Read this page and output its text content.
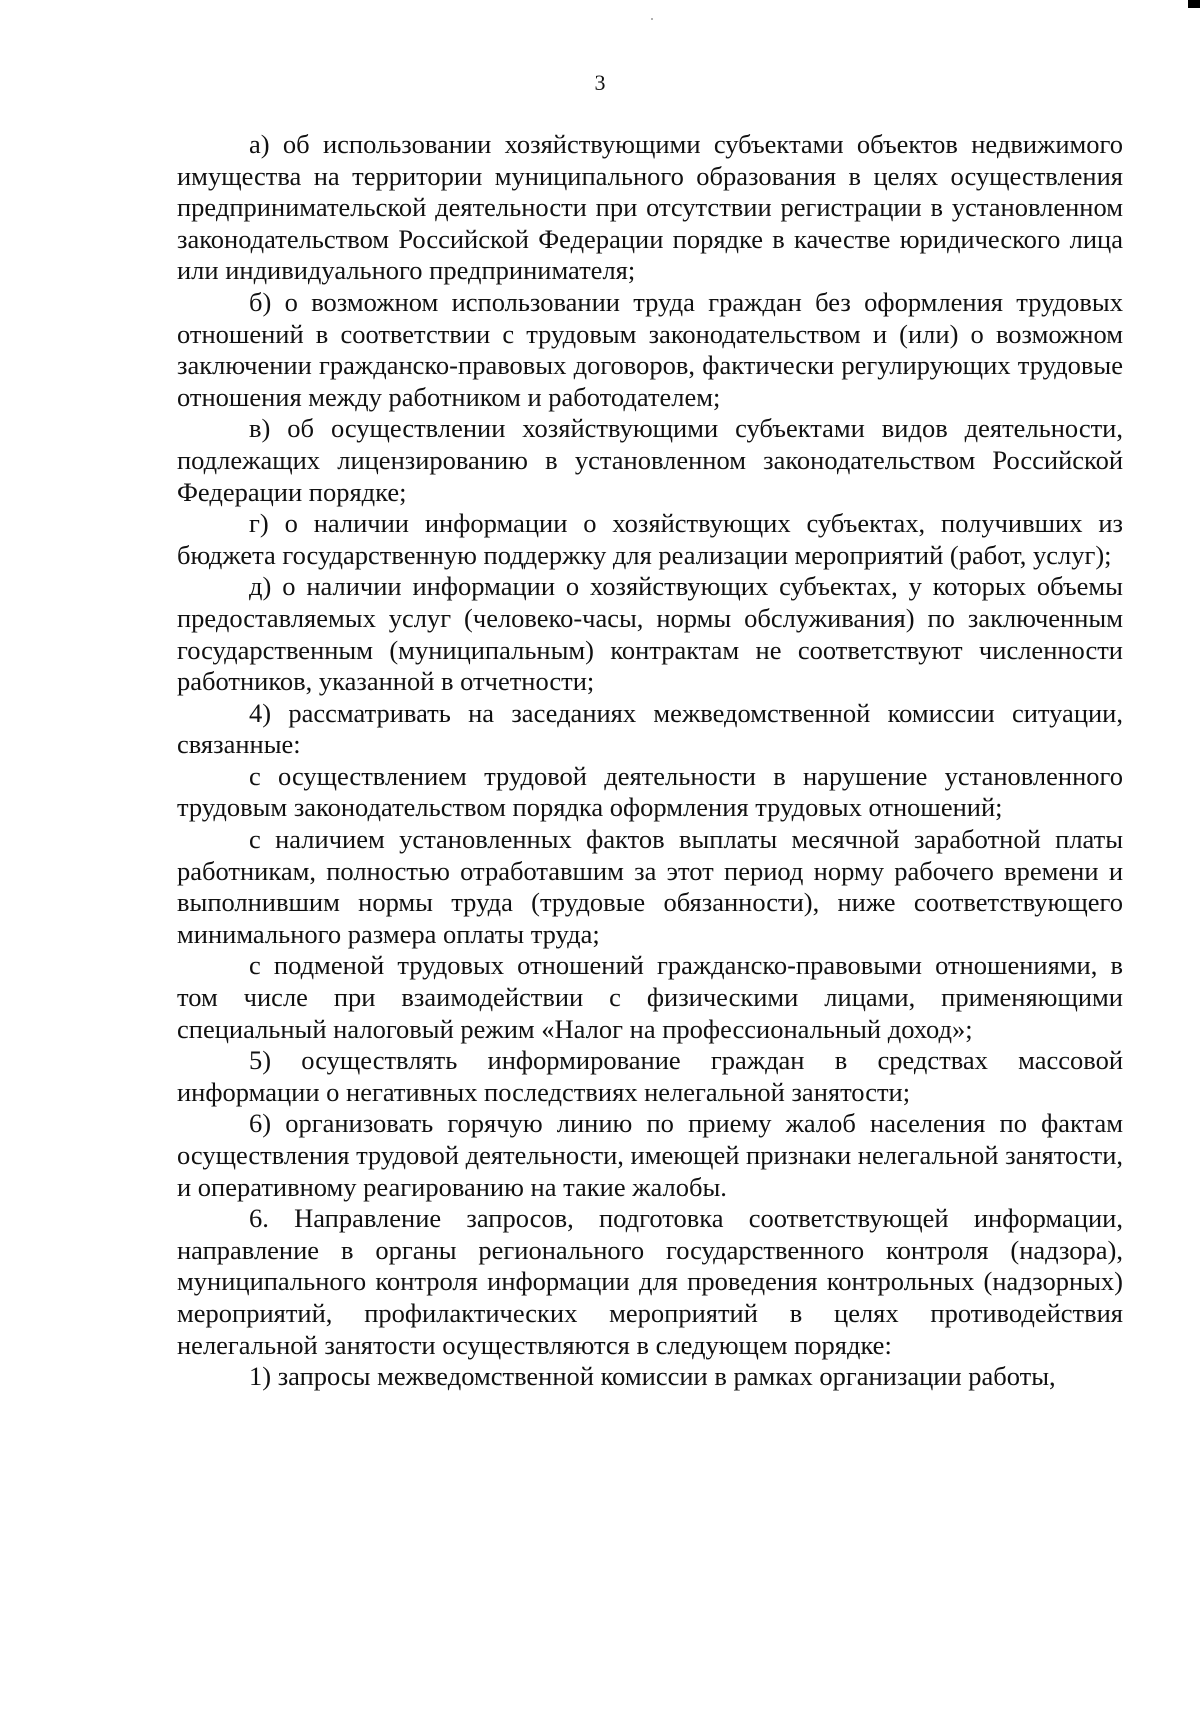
3

а) об использовании хозяйствующими субъектами объектов недвижимого имущества на территории муниципального образования в целях осуществления предпринимательской деятельности при отсутствии регистрации в установленном законодательством Российской Федерации порядке в качестве юридического лица или индивидуального предпринимателя;

б) о возможном использовании труда граждан без оформления трудовых отношений в соответствии с трудовым законодательством и (или) о возможном заключении гражданско-правовых договоров, фактически регулирующих трудовые отношения между работником и работодателем;

в) об осуществлении хозяйствующими субъектами видов деятельности, подлежащих лицензированию в установленном законодательством Российской Федерации порядке;

г) о наличии информации о хозяйствующих субъектах, получивших из бюджета государственную поддержку для реализации мероприятий (работ, услуг);

д) о наличии информации о хозяйствующих субъектах, у которых объемы предоставляемых услуг (человеко-часы, нормы обслуживания) по заключенным государственным (муниципальным) контрактам не соответствуют численности работников, указанной в отчетности;

4) рассматривать на заседаниях межведомственной комиссии ситуации, связанные:

с осуществлением трудовой деятельности в нарушение установленного трудовым законодательством порядка оформления трудовых отношений;

с наличием установленных фактов выплаты месячной заработной платы работникам, полностью отработавшим за этот период норму рабочего времени и выполнившим нормы труда (трудовые обязанности), ниже соответствующего минимального размера оплаты труда;

с подменой трудовых отношений гражданско-правовыми отношениями, в том числе при взаимодействии с физическими лицами, применяющими специальный налоговый режим «Налог на профессиональный доход»;

5) осуществлять информирование граждан в средствах массовой информации о негативных последствиях нелегальной занятости;

6) организовать горячую линию по приему жалоб населения по фактам осуществления трудовой деятельности, имеющей признаки нелегальной занятости, и оперативному реагированию на такие жалобы.

6. Направление запросов, подготовка соответствующей информации, направление в органы регионального государственного контроля (надзора), муниципального контроля информации для проведения контрольных (надзорных) мероприятий, профилактических мероприятий в целях противодействия нелегальной занятости осуществляются в следующем порядке:

1) запросы межведомственной комиссии в рамках организации работы,
